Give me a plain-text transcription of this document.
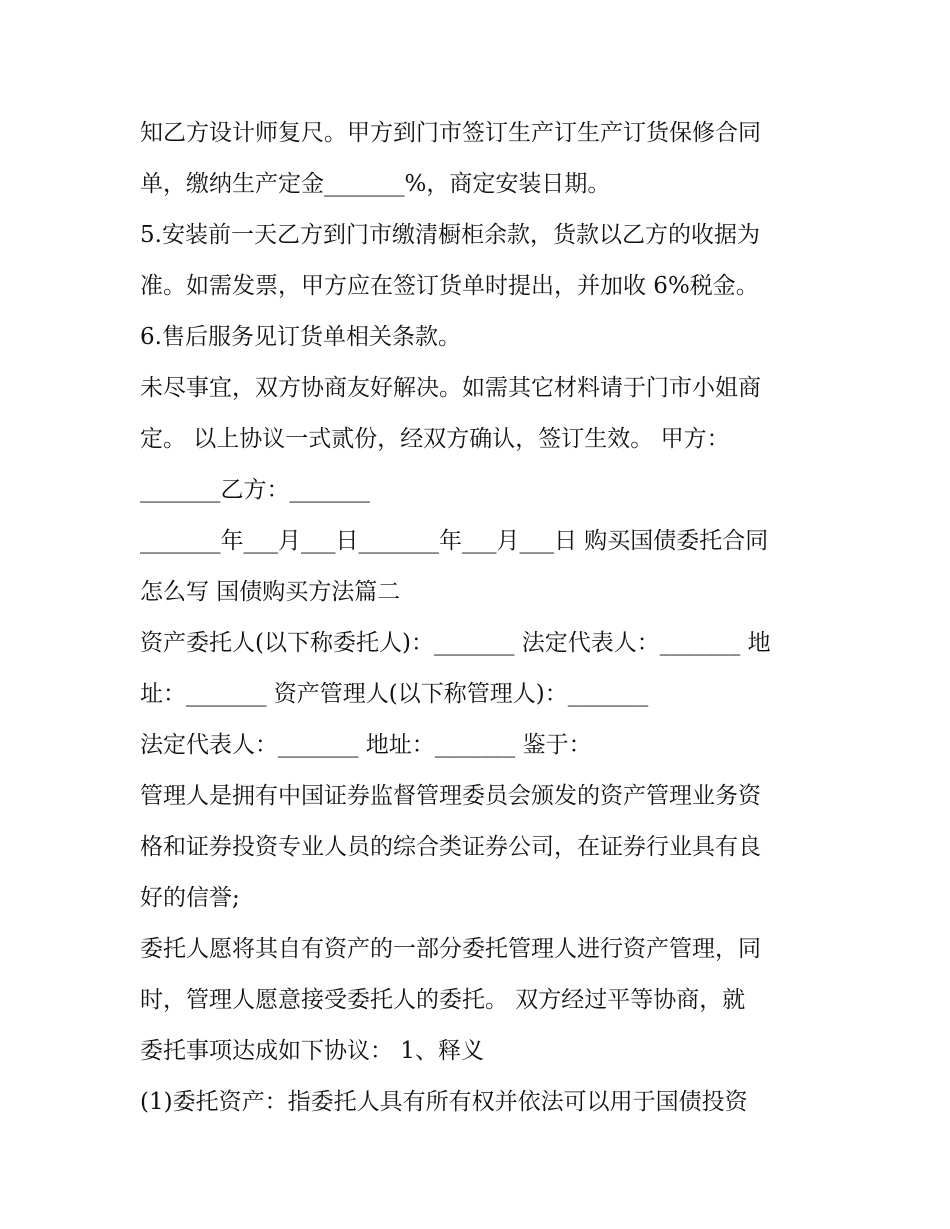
知乙方设计师复尺。甲方到门市签订生产订生产订货保修合同
单，缴纳生产定金_______%，商定安装日期。
5.安装前一天乙方到门市缴清橱柜余款，货款以乙方的收据为
准。如需发票，甲方应在签订货单时提出，并加收 6%税金。
6.售后服务见订货单相关条款。
未尽事宜，双方协商友好解决。如需其它材料请于门市小姐商
定。 以上协议一式贰份，经双方确认，签订生效。 甲方：
_______乙方：_______
_______年___月___日_______年___月___日 购买国债委托合同
怎么写 国债购买方法篇二
资产委托人(以下称委托人)：_______ 法定代表人：_______ 地
址：_______ 资产管理人(以下称管理人)：_______
法定代表人：_______ 地址：_______ 鉴于：
管理人是拥有中国证券监督管理委员会颁发的资产管理业务资
格和证券投资专业人员的综合类证券公司，在证券行业具有良
好的信誉;
委托人愿将其自有资产的一部分委托管理人进行资产管理，同
时，管理人愿意接受委托人的委托。 双方经过平等协商，就
委托事项达成如下协议： 1、释义
(1)委托资产：指委托人具有所有权并依法可以用于国债投资
